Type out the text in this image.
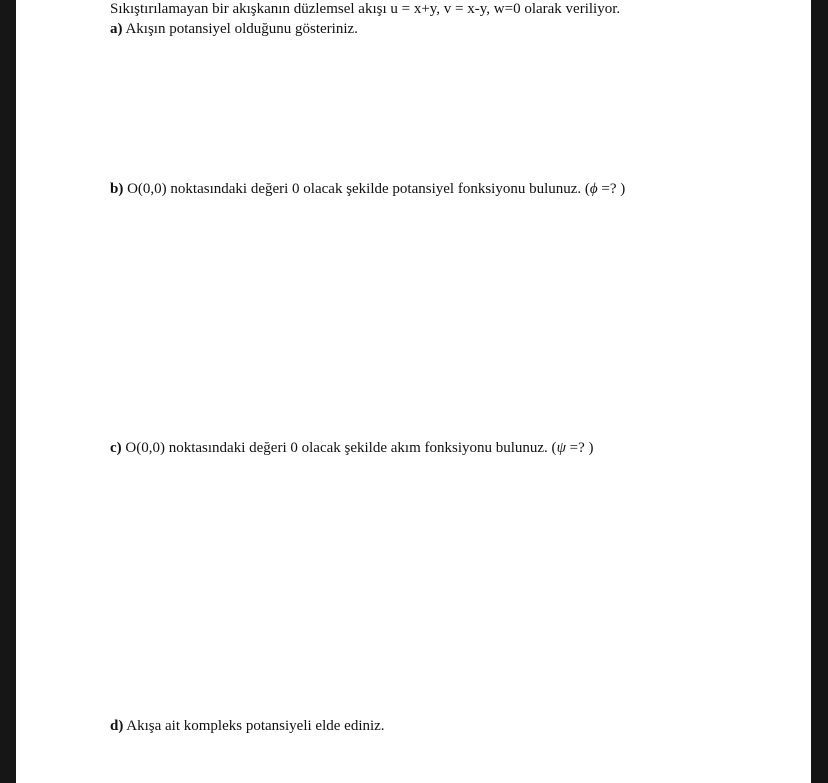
Sıkıştırılamayan bir akışkanın düzlemsel akışı u = x+y, v = x-y, w=0 olarak veriliyor.
a) Akışın potansiyel olduğunu gösteriniz.
b) O(0,0) noktasındaki değeri 0 olacak şekilde potansiyel fonksiyonu bulunuz. (ϕ =? )
c) O(0,0) noktasındaki değeri 0 olacak şekilde akım fonksiyonu bulunuz. (ψ =? )
d) Akışa ait kompleks potansiyeli elde ediniz.
